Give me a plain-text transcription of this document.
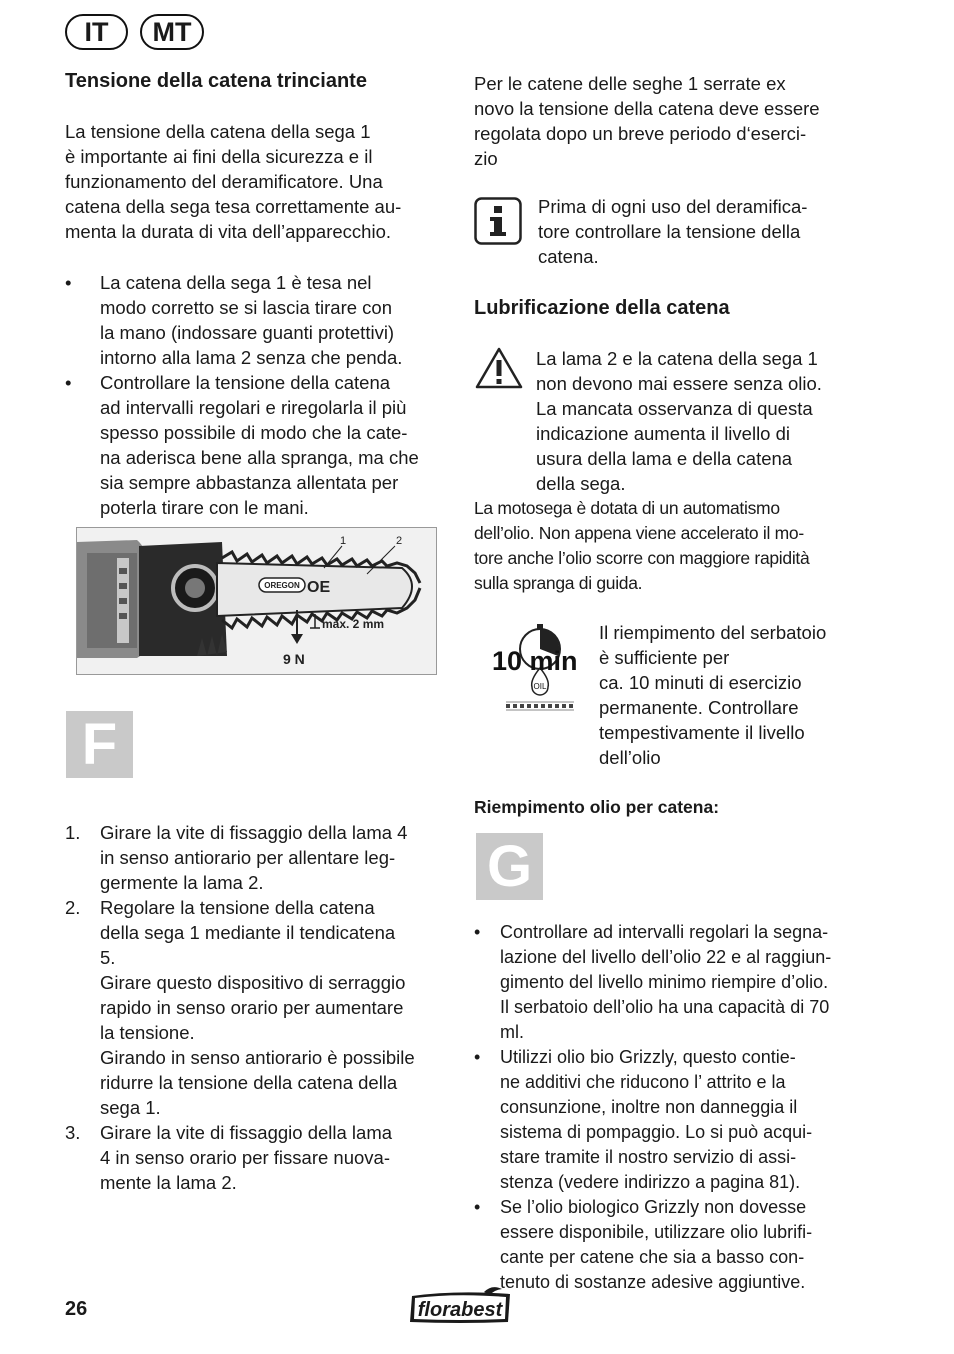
IT	MT
Tensione della catena trinciante
La tensione della catena della sega 1
è importante ai fini della sicurezza e il
funzionamento del deramificatore. Una
catena della sega tesa correttamente au-
menta la durata di vita dell’apparecchio.
• La catena della sega 1 è tesa nel
modo corretto se si lascia tirare con
la mano (indossare guanti protettivi)
intorno alla lama 2 senza che penda.
• Controllare la tensione della catena
ad intervalli regolari e riregolarla il più
spesso possibile di modo che la cate-
na aderisca bene alla spranga, ma che
sia sempre abbastanza allentata per
poterla tirare con le mani.
OREGON OE
1	2
max. 2 mm
9 N
F
1. Girare la vite di fissaggio della lama 4
in senso antiorario per allentare leg-
germente la lama 2.
2. Regolare la tensione della catena
della sega 1 mediante il tendicatena
5.
Girare questo dispositivo di serraggio
rapido in senso orario per aumentare
la tensione.
Girando in senso antiorario è possibile
ridurre la tensione della catena della
sega 1.
3. Girare la vite di fissaggio della lama
4 in senso orario per fissare nuova-
mente la lama 2.
Per le catene delle seghe 1 serrate ex
novo la tensione della catena deve essere
regolata dopo un breve periodo d‘eserci-
zio
Prima di ogni uso del deramifica-
tore controllare la tensione della
catena.
Lubrificazione della catena
La lama 2 e la catena della sega 1
non devono mai essere senza olio.
La mancata osservanza di questa
indicazione aumenta il livello di
usura della lama e della catena
della sega.
La motosega è dotata di un automatismo
dell’olio. Non appena viene accelerato il mo-
tore anche l’olio scorre con maggiore rapidità
sulla spranga di guida.
10 min
OIL
Il riempimento del serbatoio
è sufficiente per
ca. 10 minuti di esercizio
permanente. Controllare
tempestivamente il livello
dell’olio
Riempimento olio per catena:
G
• Controllare ad intervalli regolari la segna-
lazione del livello dell’olio 22 e al raggiun-
gimento del livello minimo riempire d’olio.
Il serbatoio dell’olio ha una capacità di 70
ml.
• Utilizzi olio bio Grizzly, questo contie-
ne additivi che riducono l’ attrito e la
consunzione, inoltre non danneggia il
sistema di pompaggio. Lo si può acqui-
stare tramite il nostro servizio di assi-
stenza (vedere indirizzo a pagina 81).
• Se l’olio biologico Grizzly non dovesse
essere disponibile, utilizzare olio lubrifi-
cante per catene che sia a basso con-
tenuto di sostanze adesive aggiuntive.
26	florabest
